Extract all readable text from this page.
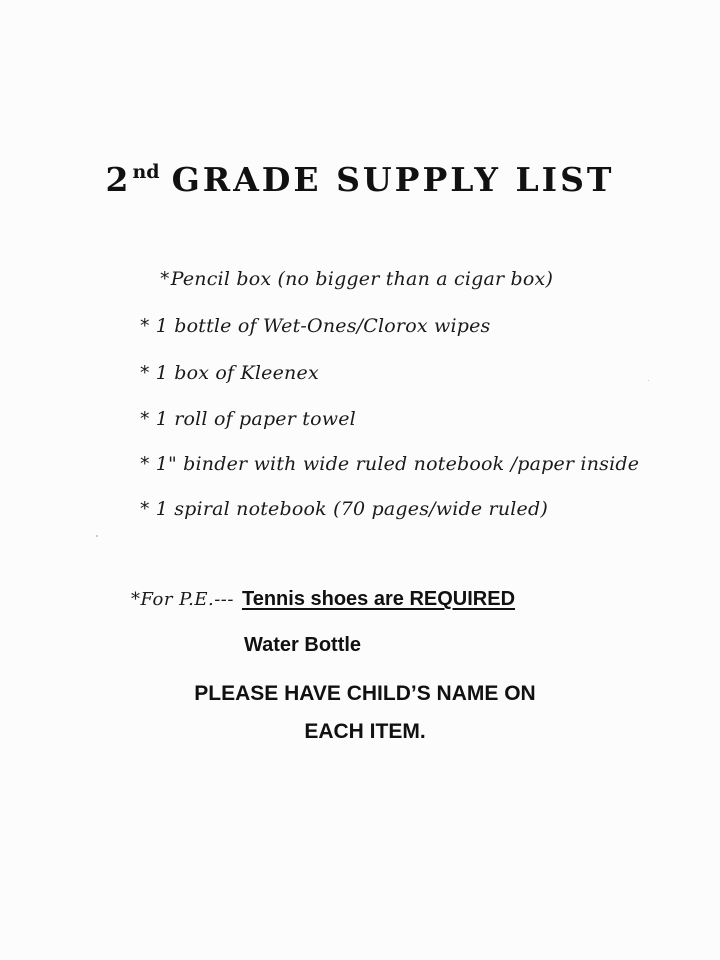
2nd GRADE SUPPLY LIST
*Pencil box (no bigger than a cigar box)
* 1 bottle of Wet-Ones/Clorox wipes
* 1 box of Kleenex
* 1 roll of paper towel
* 1" binder with wide ruled notebook /paper inside
* 1 spiral notebook (70 pages/wide ruled)
*For P.E.--- Tennis shoes are REQUIRED
Water Bottle
PLEASE HAVE CHILD’S NAME ON
EACH ITEM.
